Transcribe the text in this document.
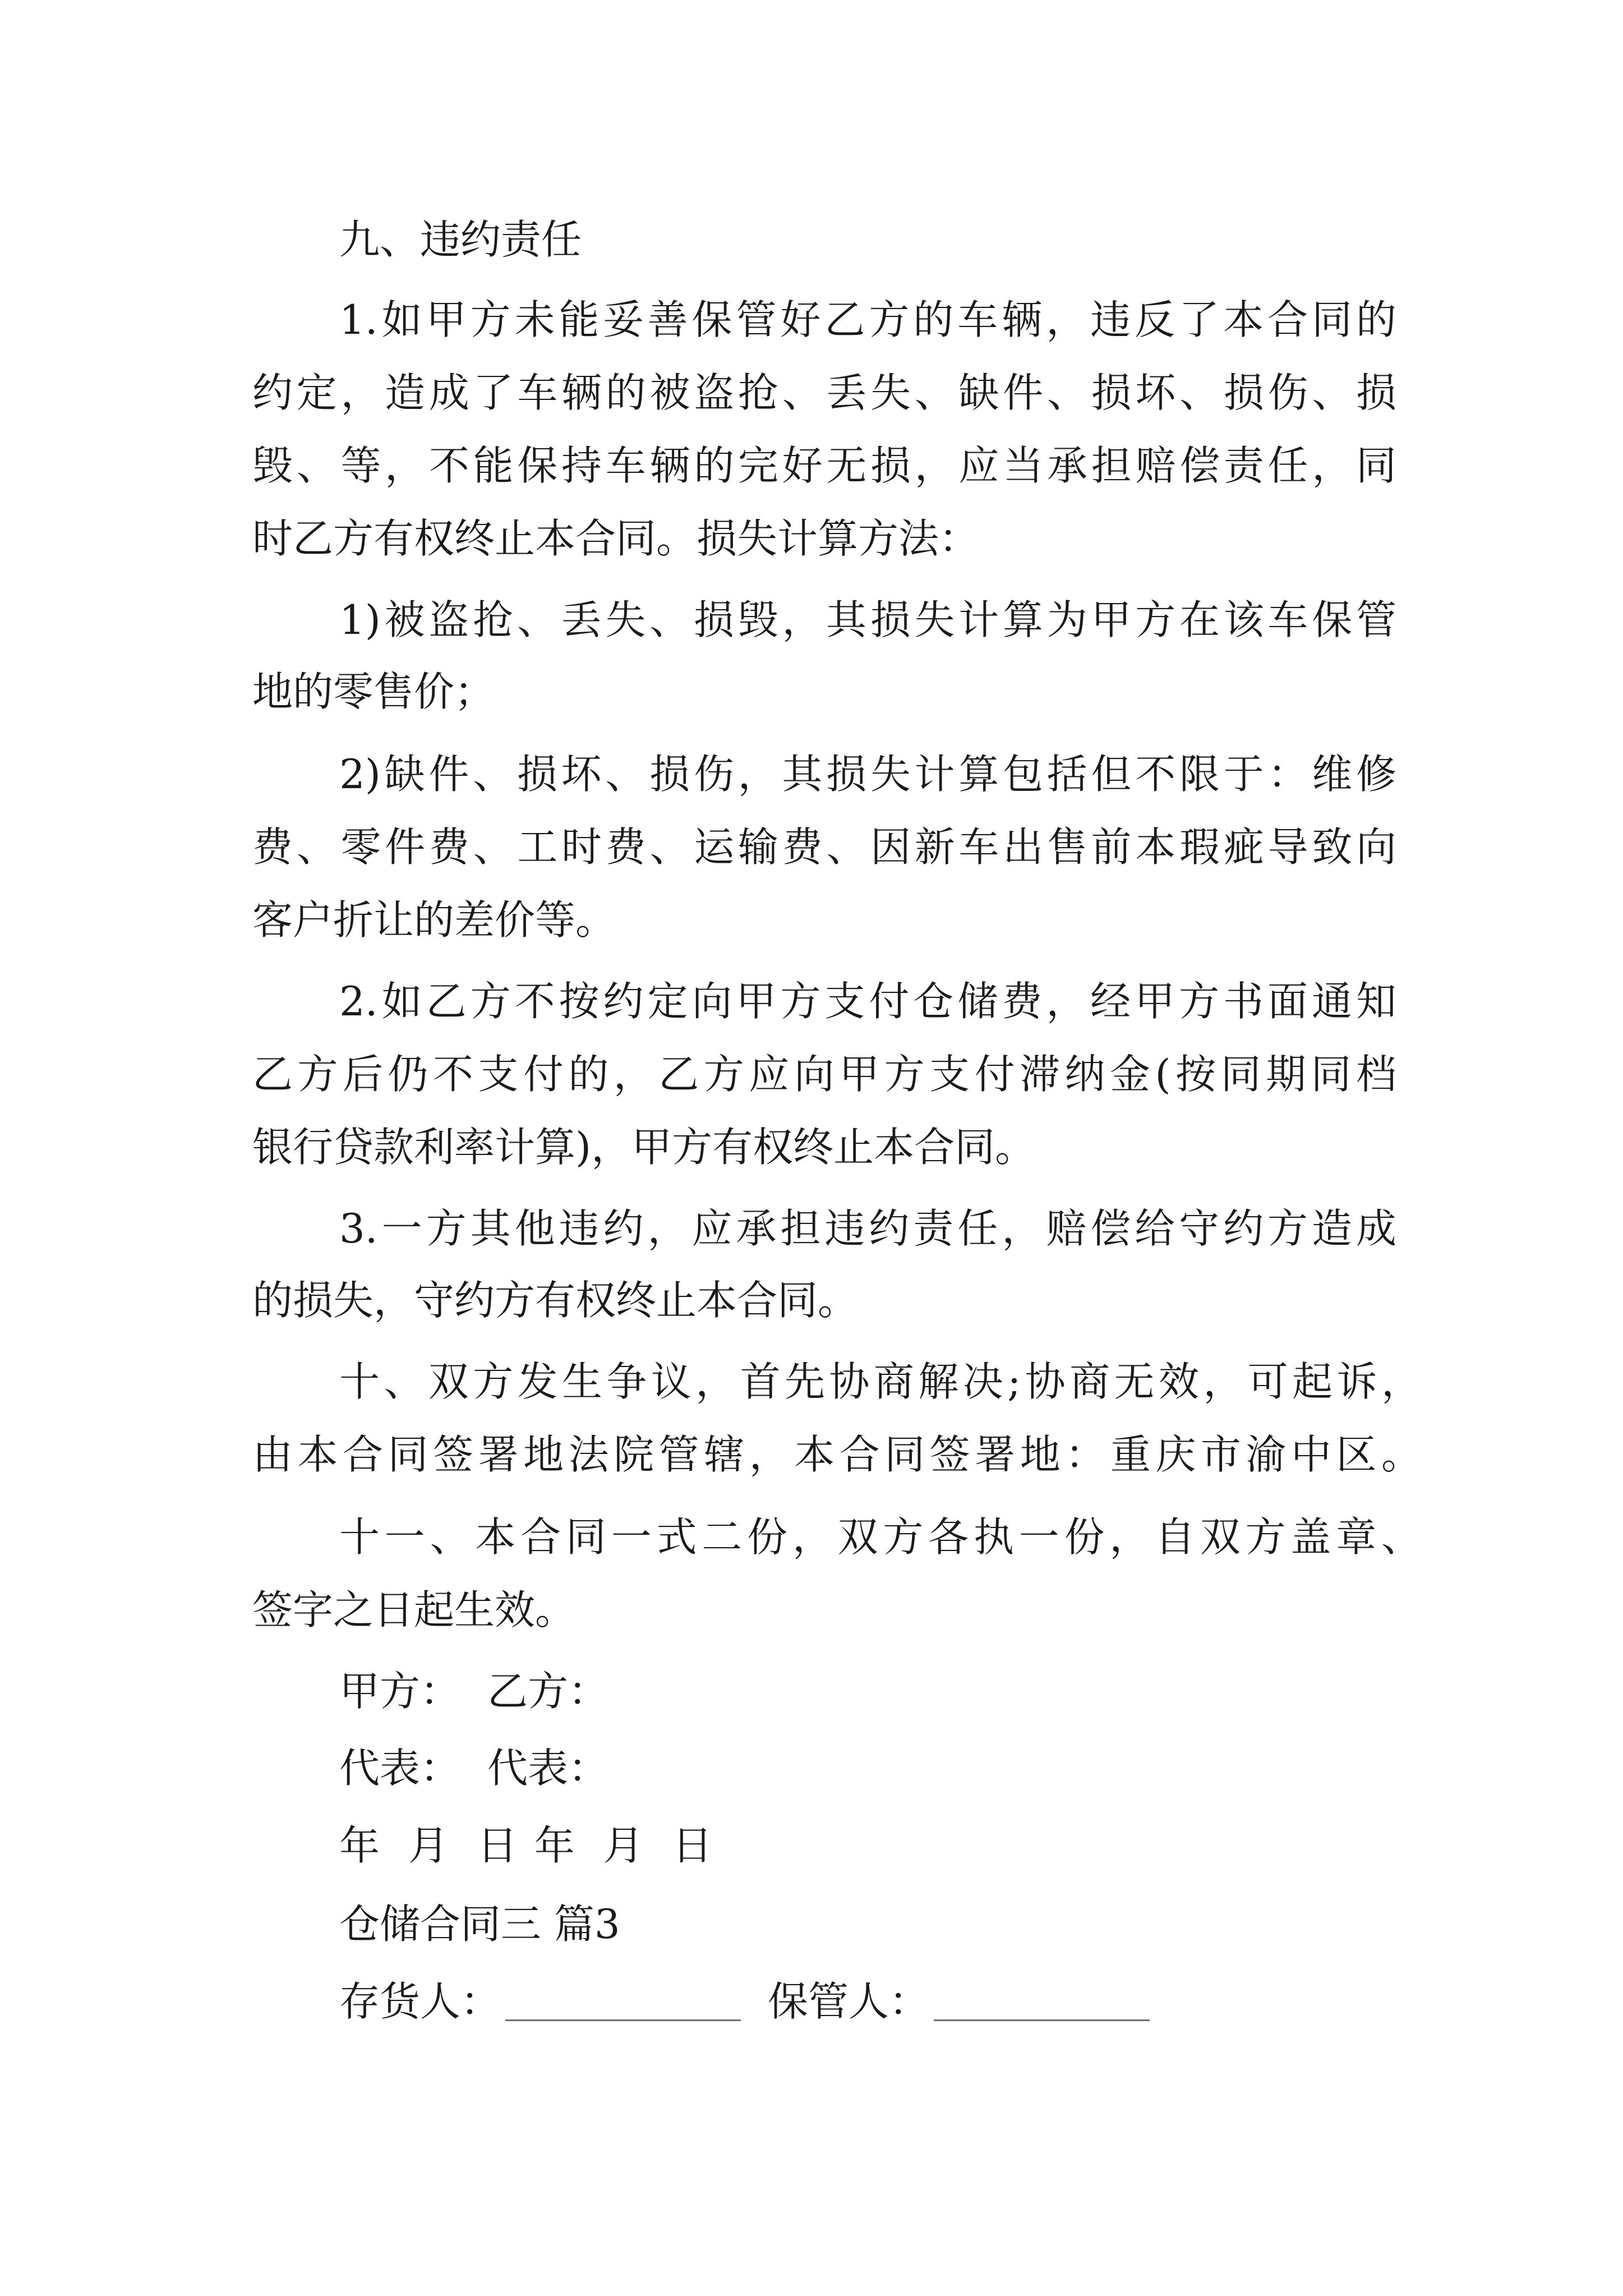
九、违约责任
1.如甲方未能妥善保管好乙方的车辆，违反了本合同的
约定，造成了车辆的被盗抢、丢失、缺件、损坏、损伤、损
毁、等，不能保持车辆的完好无损，应当承担赔偿责任，同
时乙方有权终止本合同。损失计算方法：
1)被盗抢、丢失、损毁，其损失计算为甲方在该车保管
地的零售价；
2)缺件、损坏、损伤，其损失计算包括但不限于：维修
费、零件费、工时费、运输费、因新车出售前本瑕疵导致向
客户折让的差价等。
2.如乙方不按约定向甲方支付仓储费，经甲方书面通知
乙方后仍不支付的，乙方应向甲方支付滞纳金(按同期同档
银行贷款利率计算)，甲方有权终止本合同。
3.一方其他违约，应承担违约责任，赔偿给守约方造成
的损失，守约方有权终止本合同。
十、双方发生争议，首先协商解决;协商无效，可起诉，
由本合同签署地法院管辖，本合同签署地：重庆市渝中区。
十一、本合同一式二份，双方各执一份，自双方盖章、
签字之日起生效。
甲方： 乙方：
代表： 代表：
年 月 日 年 月 日
仓储合同三 篇3
存货人：	保管人：
